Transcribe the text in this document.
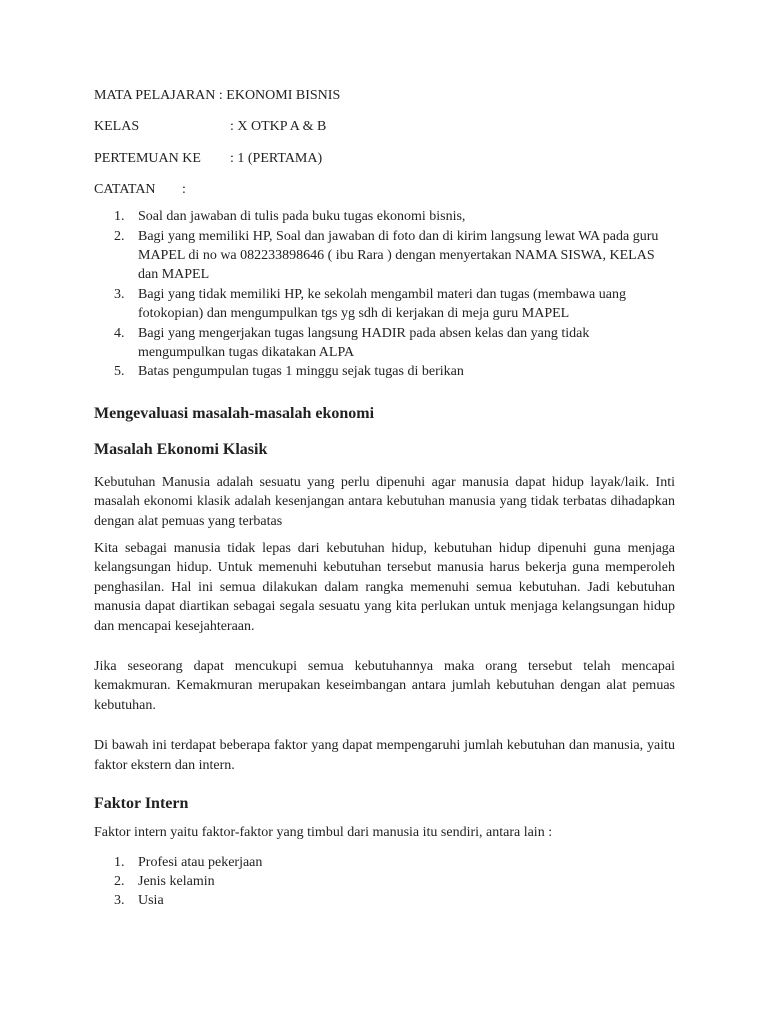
MATA PELAJARAN : EKONOMI BISNIS
KELAS	: X OTKP A & B
PERTEMUAN KE	: 1 (PERTAMA)
CATATAN	:
1. Soal dan jawaban di tulis pada buku tugas ekonomi bisnis,
2. Bagi yang memiliki HP, Soal dan jawaban di foto dan di kirim langsung lewat WA pada guru MAPEL di no wa 082233898646 ( ibu Rara ) dengan menyertakan NAMA SISWA, KELAS dan MAPEL
3. Bagi yang tidak memiliki HP, ke sekolah mengambil materi dan tugas (membawa uang fotokopian) dan mengumpulkan tgs yg sdh di kerjakan di meja guru MAPEL
4. Bagi yang mengerjakan tugas langsung HADIR pada absen kelas dan yang tidak mengumpulkan tugas dikatakan ALPA
5. Batas pengumpulan tugas 1 minggu sejak tugas di berikan
Mengevaluasi masalah-masalah ekonomi
Masalah Ekonomi Klasik

Kebutuhan Manusia adalah sesuatu yang perlu dipenuhi agar manusia dapat hidup layak/laik. Inti masalah ekonomi klasik adalah kesenjangan antara kebutuhan manusia yang tidak terbatas dihadapkan dengan alat pemuas yang terbatas

Kita sebagai manusia tidak lepas dari kebutuhan hidup, kebutuhan hidup dipenuhi guna menjaga kelangsungan hidup. Untuk memenuhi kebutuhan tersebut manusia harus bekerja guna memperoleh penghasilan. Hal ini semua dilakukan dalam rangka memenuhi semua kebutuhan. Jadi kebutuhan manusia dapat diartikan sebagai segala sesuatu yang kita perlukan untuk menjaga kelangsungan hidup dan mencapai kesejahteraan.

Jika seseorang dapat mencukupi semua kebutuhannya maka orang tersebut telah mencapai kemakmuran. Kemakmuran merupakan keseimbangan antara jumlah kebutuhan dengan alat pemuas kebutuhan.

Di bawah ini terdapat beberapa faktor yang dapat mempengaruhi jumlah kebutuhan dan manusia, yaitu faktor ekstern dan intern.

Faktor Intern

Faktor intern yaitu faktor-faktor yang timbul dari manusia itu sendiri, antara lain :

1. Profesi atau pekerjaan
2. Jenis kelamin
3. Usia
